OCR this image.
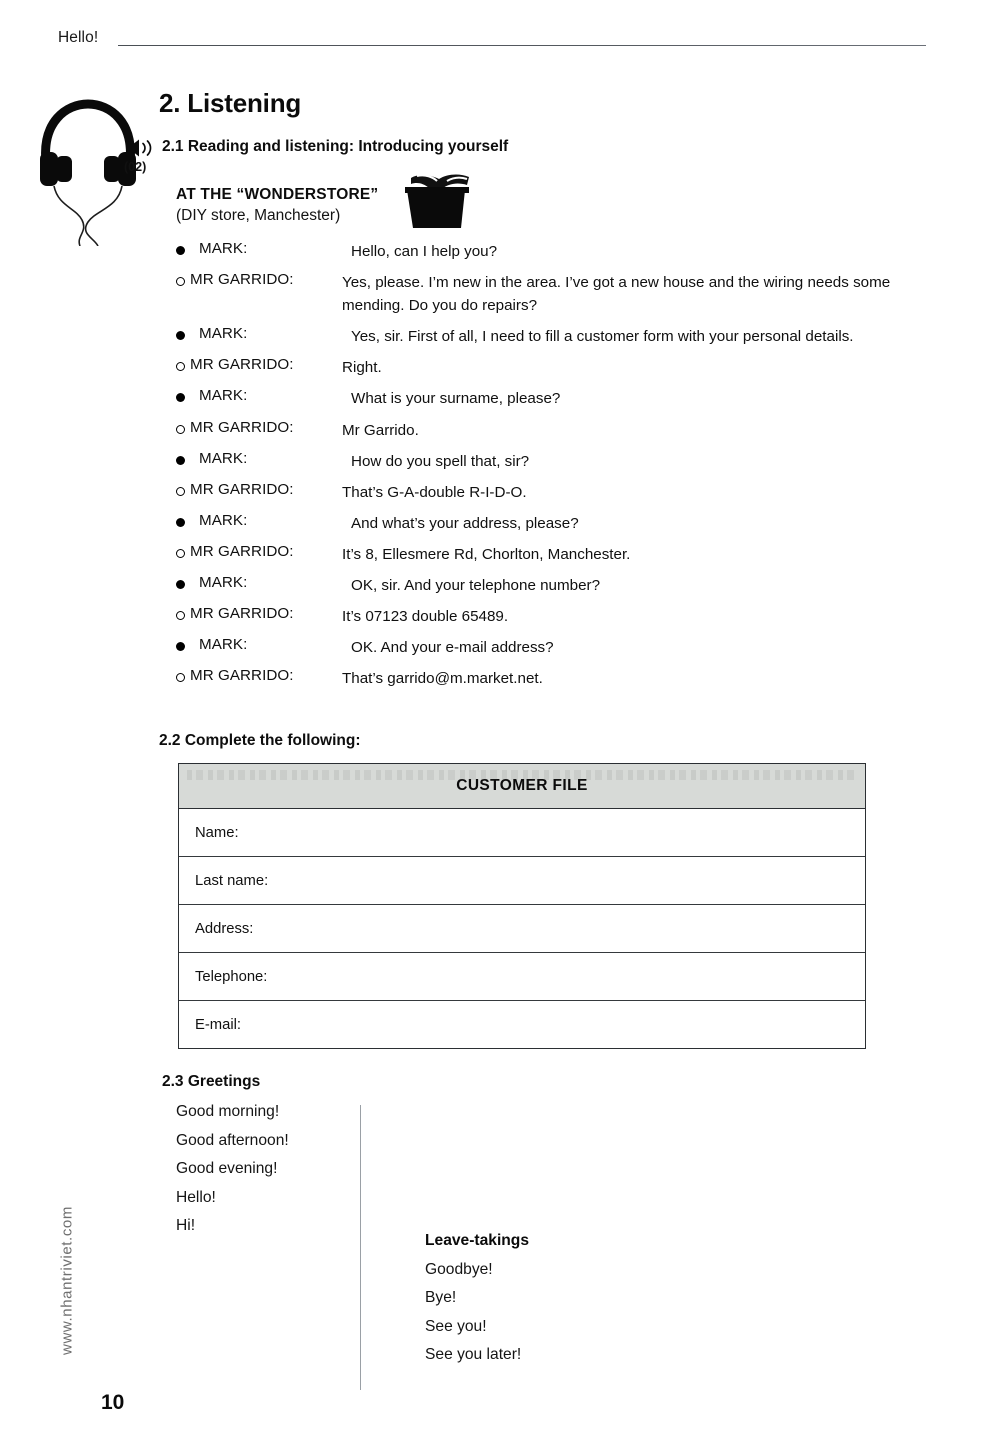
Hello!
2. Listening
(02)
2.1 Reading and listening: Introducing yourself
AT THE “WONDERSTORE”
(DIY store, Manchester)
MARK:	Hello, can I help you?
MR GARRIDO:	Yes, please. I’m new in the area. I’ve got a new house and the wiring needs some mending. Do you do repairs?
MARK:	Yes, sir. First of all, I need to fill a customer form with your personal details.
MR GARRIDO:	Right.
MARK:	What is your surname, please?
MR GARRIDO:	Mr Garrido.
MARK:	How do you spell that, sir?
MR GARRIDO:	That’s G-A-double R-I-D-O.
MARK:	And what’s your address, please?
MR GARRIDO:	It’s 8, Ellesmere Rd, Chorlton, Manchester.
MARK:	OK, sir. And your telephone number?
MR GARRIDO:	It’s 07123 double 65489.
MARK:	OK. And your e-mail address?
MR GARRIDO:	That’s garrido@m.market.net.
2.2 Complete the following:
CUSTOMER FILE
Name:
Last name:
Address:
Telephone:
E-mail:
2.3 Greetings
Good morning!
Good afternoon!
Good evening!
Hello!
Hi!
Leave-takings
Goodbye!
Bye!
See you!
See you later!
www.nhantriviet.com
10
